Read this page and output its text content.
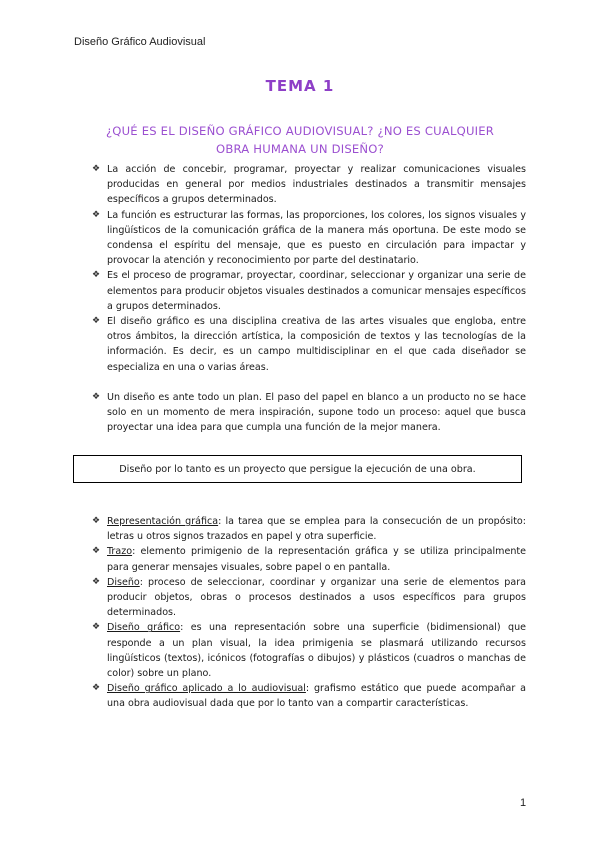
Diseño Gráfico Audiovisual
TEMA 1
¿QUÉ ES EL DISEÑO GRÁFICO AUDIOVISUAL? ¿NO ES CUALQUIER OBRA HUMANA UN DISEÑO?
❖ La acción de concebir, programar, proyectar y realizar comunicaciones visuales producidas en general por medios industriales destinados a transmitir mensajes específicos a grupos determinados.
❖ La función es estructurar las formas, las proporciones, los colores, los signos visuales y lingüísticos de la comunicación gráfica de la manera más oportuna. De este modo se condensa el espíritu del mensaje, que es puesto en circulación para impactar y provocar la atención y reconocimiento por parte del destinatario.
❖ Es el proceso de programar, proyectar, coordinar, seleccionar y organizar una serie de elementos para producir objetos visuales destinados a comunicar mensajes específicos a grupos determinados.
❖ El diseño gráfico es una disciplina creativa de las artes visuales que engloba, entre otros ámbitos, la dirección artística, la composición de textos y las tecnologías de la información. Es decir, es un campo multidisciplinar en el que cada diseñador se especializa en una o varias áreas.
❖ Un diseño es ante todo un plan. El paso del papel en blanco a un producto no se hace solo en un momento de mera inspiración, supone todo un proceso: aquel que busca proyectar una idea para que cumpla una función de la mejor manera.
Diseño por lo tanto es un proyecto que persigue la ejecución de una obra.
❖ Representación gráfica: la tarea que se emplea para la consecución de un propósito: letras u otros signos trazados en papel y otra superficie.
❖ Trazo: elemento primigenio de la representación gráfica y se utiliza principalmente para generar mensajes visuales, sobre papel o en pantalla.
❖ Diseño: proceso de seleccionar, coordinar y organizar una serie de elementos para producir objetos, obras o procesos destinados a usos específicos para grupos determinados.
❖ Diseño gráfico: es una representación sobre una superficie (bidimensional) que responde a un plan visual, la idea primigenia se plasmará utilizando recursos lingüísticos (textos), icónicos (fotografías o dibujos) y plásticos (cuadros o manchas de color) sobre un plano.
❖ Diseño gráfico aplicado a lo audiovisual: grafismo estático que puede acompañar a una obra audiovisual dada que por lo tanto van a compartir características.
1
